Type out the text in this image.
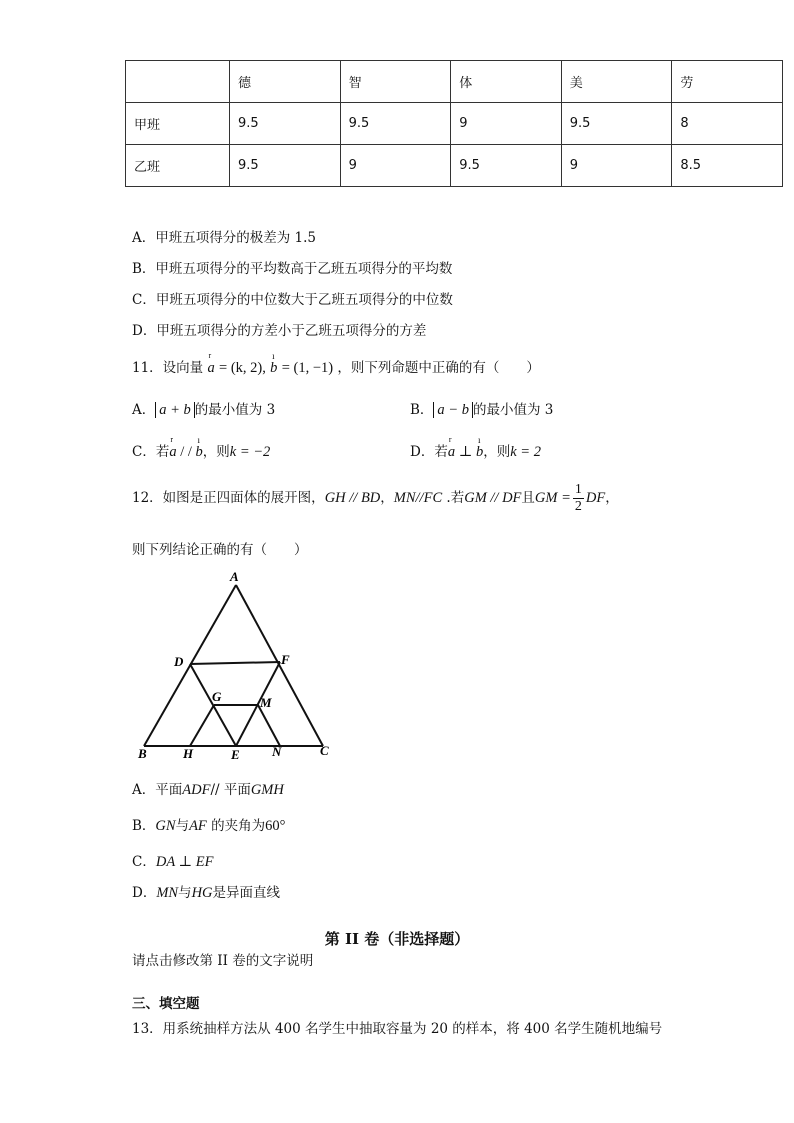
	德	智	体	美	劳
甲班	9.5	9.5	9	9.5	8
乙班	9.5	9	9.5	9	8.5
A．甲班五项得分的极差为 1.5
B．甲班五项得分的平均数高于乙班五项得分的平均数
C．甲班五项得分的中位数大于乙班五项得分的中位数
D．甲班五项得分的方差小于乙班五项得分的方差
11．设向量 r a = (k, 2), ı b = (1, −1) ，则下列命题中正确的有（　　）
A． a + b 的最小值为 3	B． a − b 的最小值为 3
C．若r a / / ı b，则k = −2	D．若r a ⊥ ı b，则k = 2
12．如图是正四面体的展开图，GH // BD，MN//FC .若GM // DF且GM = $\frac{1}{2}$ DF，
则下列结论正确的有（　　）
A
B	C
D
E
F
G
H
M
N
A．平面ADF// 平面GMH
B．GN与AF 的夹角为60°
C．DA ⊥ EF
D．MN与HG是异面直线
第 II 卷（非选择题）
请点击修改第 II 卷的文字说明
三、填空题
13．用系统抽样方法从 400 名学生中抽取容量为 20 的样本，将 400 名学生随机地编号
